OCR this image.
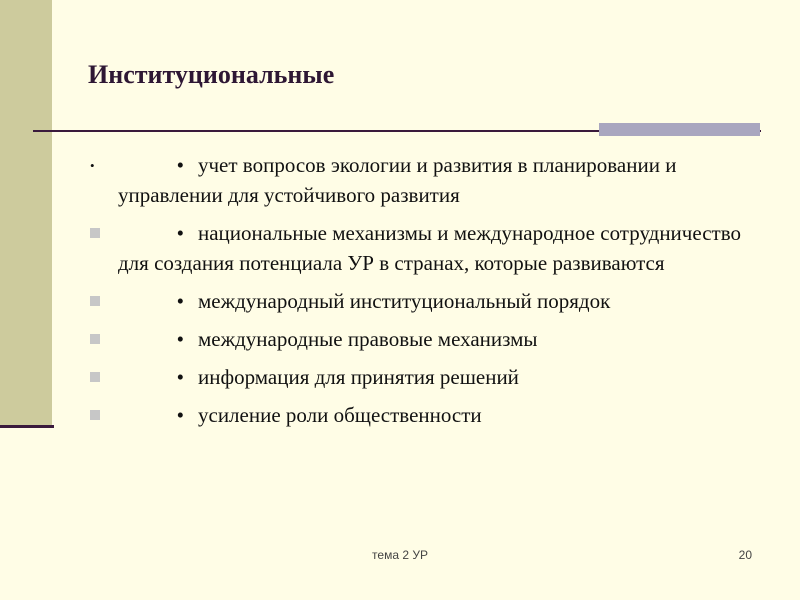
Институциональные
•	• учет вопросов экологии и развития в планировании и управлении для устойчивого развития
• национальные механизмы и международное сотрудничество для создания потенциала УР в странах, которые развиваются
• международный институциональный порядок
• международные правовые механизмы
• информация для принятия решений
• усиление роли общественности
тема 2 УР	20
